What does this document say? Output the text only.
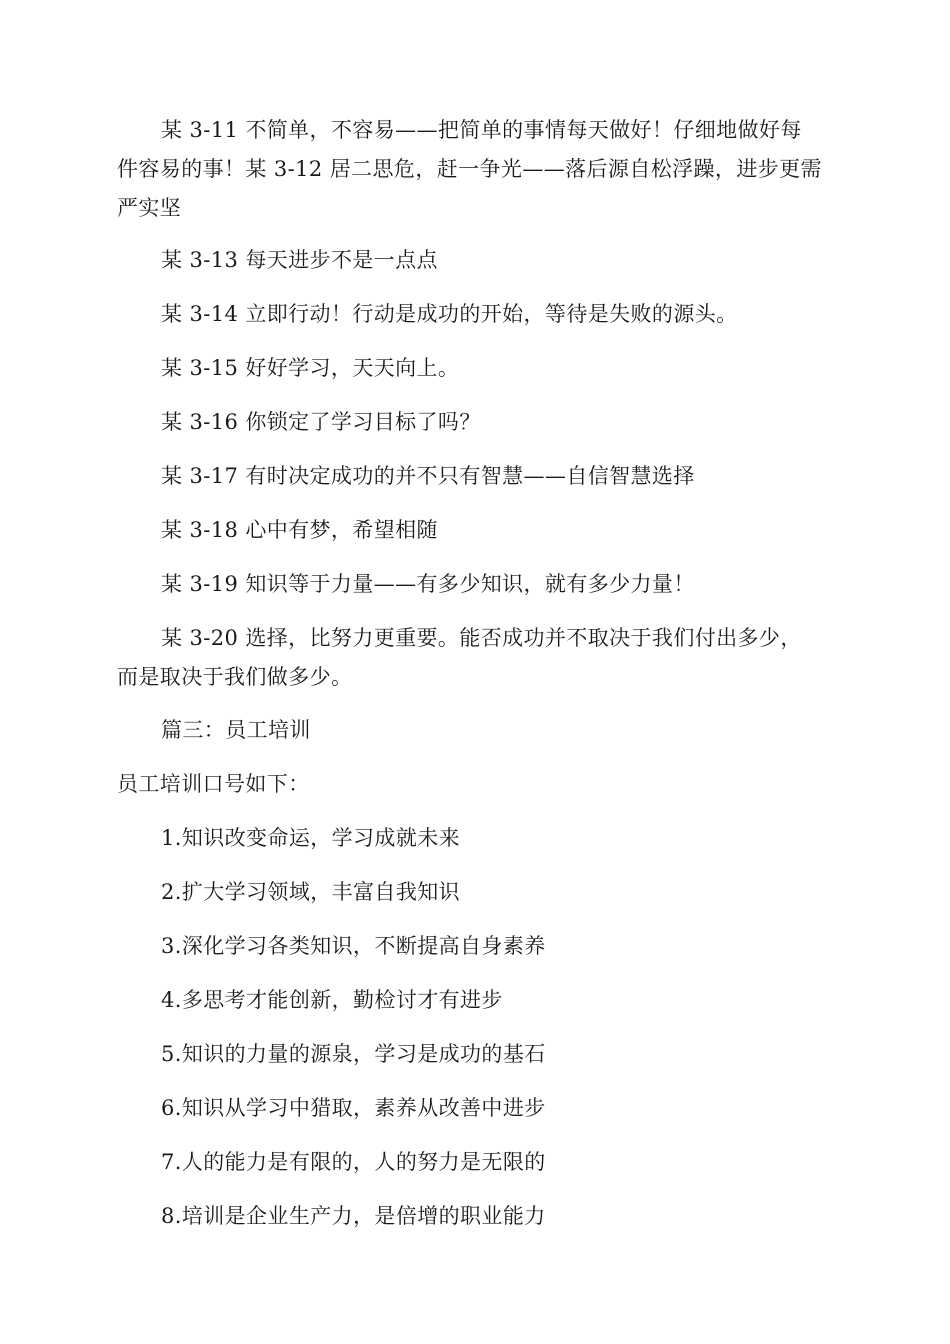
某 3-11 不简单，不容易——把简单的事情每天做好！仔细地做好每件容易的事！某 3-12 居二思危，赶一争光——落后源自松浮躁，进步更需严实坚

某 3-13 每天进步不是一点点

某 3-14 立即行动！行动是成功的开始，等待是失败的源头。

某 3-15 好好学习，天天向上。

某 3-16 你锁定了学习目标了吗？

某 3-17 有时决定成功的并不只有智慧——自信智慧选择

某 3-18 心中有梦，希望相随

某 3-19 知识等于力量——有多少知识，就有多少力量！

某 3-20 选择，比努力更重要。能否成功并不取决于我们付出多少，而是取决于我们做多少。

篇三：员工培训

员工培训口号如下：

1.知识改变命运，学习成就未来

2.扩大学习领域，丰富自我知识

3.深化学习各类知识，不断提高自身素养

4.多思考才能创新，勤检讨才有进步

5.知识的力量的源泉，学习是成功的基石

6.知识从学习中猎取，素养从改善中进步

7.人的能力是有限的，人的努力是无限的

8.培训是企业生产力，是倍增的职业能力
